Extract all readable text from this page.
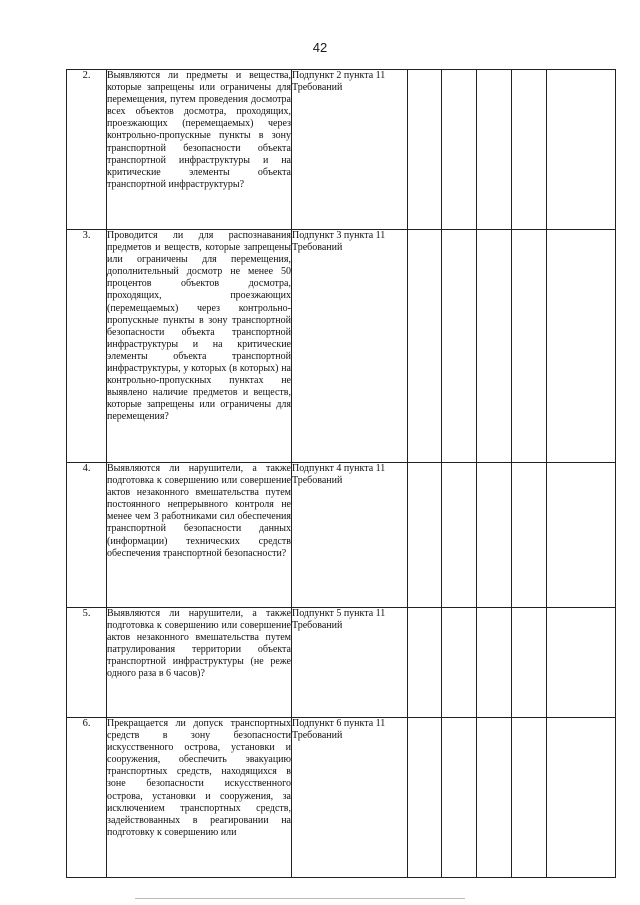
42
2.	Выявляются ли предметы и вещества, которые запрещены или ограничены для перемещения, путем проведения досмотра всех объектов досмотра, проходящих, проезжающих (перемещаемых) через контрольно-пропускные пункты в зону транспортной безопасности объекта транспортной инфраструктуры и на критические элементы объекта транспортной инфраструктуры?	Подпункт 2 пункта 11 Требований					

3.	Проводится ли для распознавания предметов и веществ, которые запрещены или ограничены для перемещения, дополнительный досмотр не менее 50 процентов объектов досмотра, проходящих, проезжающих (перемещаемых) через контрольно-пропускные пункты в зону транспортной безопасности объекта транспортной инфраструктуры и на критические элементы объекта транспортной инфраструктуры, у которых (в которых) на контрольно-пропускных пунктах не выявлено наличие предметов и веществ, которые запрещены или ограничены для перемещения?	Подпункт 3 пункта 11 Требований					

4.	Выявляются ли нарушители, а также подготовка к совершению или совершение актов незаконного вмешательства путем постоянного непрерывного контроля не менее чем 3 работниками сил обеспечения транспортной безопасности данных (информации) технических средств обеспечения транспортной безопасности?	Подпункт 4 пункта 11 Требований					

5.	Выявляются ли нарушители, а также подготовка к совершению или совершение актов незаконного вмешательства путем патрулирования территории объекта транспортной инфраструктуры (не реже одного раза в 6 часов)?	Подпункт 5 пункта 11 Требований					

6.	Прекращается ли допуск транспортных средств в зону безопасности искусственного острова, установки и сооружения, обеспечить эвакуацию транспортных средств, находящихся в зоне безопасности искусственного острова, установки и сооружения, за исключением транспортных средств, задействованных в реагировании на подготовку к совершению или	Подпункт 6 пункта 11 Требований					
